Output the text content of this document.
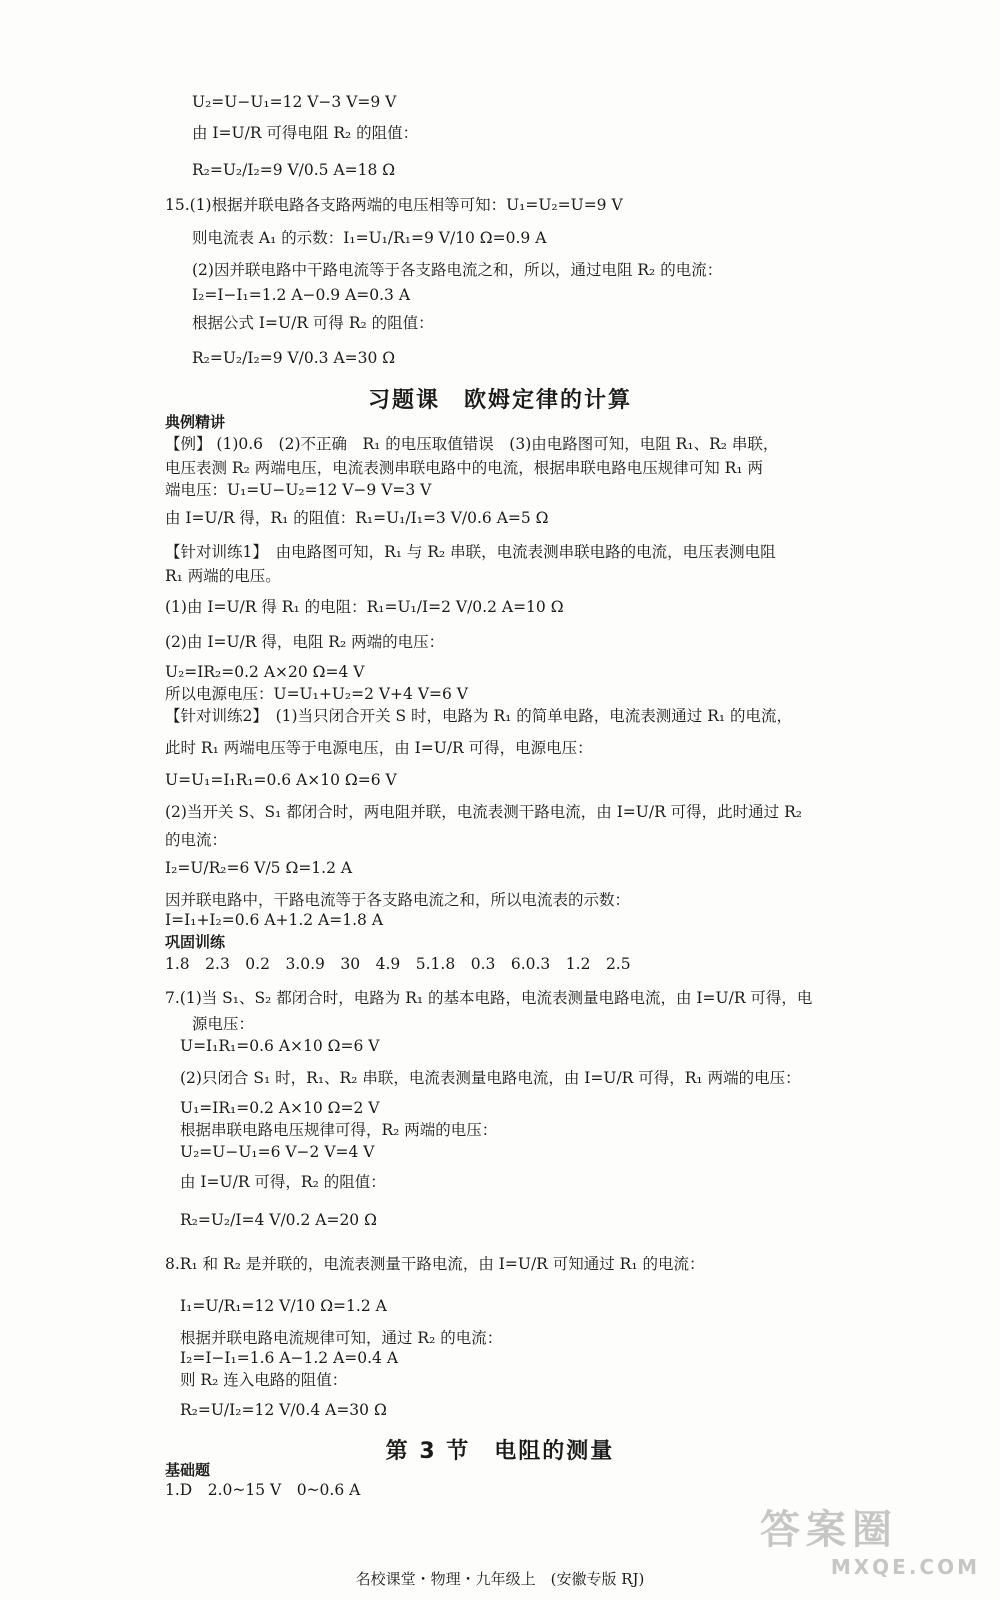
U₂=U−U₁=12 V−3 V=9 V
由 I=U/R 可得电阻 R₂ 的阻值：
R₂=U₂/I₂=9 V/0.5 A=18 Ω
15.(1)根据并联电路各支路两端的电压相等可知：U₁=U₂=U=9 V
则电流表 A₁ 的示数：I₁=U₁/R₁=9 V/10 Ω=0.9 A
(2)因并联电路中干路电流等于各支路电流之和，所以，通过电阻 R₂ 的电流：
I₂=I−I₁=1.2 A−0.9 A=0.3 A
根据公式 I=U/R 可得 R₂ 的阻值：
R₂=U₂/I₂=9 V/0.3 A=30 Ω
习题课　欧姆定律的计算
典例精讲
【例】 (1)0.6　(2)不正确　R₁ 的电压取值错误　(3)由电路图可知，电阻 R₁、R₂ 串联，
电压表测 R₂ 两端电压，电流表测串联电路中的电流，根据串联电路电压规律可知 R₁ 两
端电压：U₁=U−U₂=12 V−9 V=3 V
由 I=U/R 得，R₁ 的阻值：R₁=U₁/I₁=3 V/0.6 A=5 Ω
【针对训练1】　由电路图可知，R₁ 与 R₂ 串联，电流表测串联电路的电流，电压表测电阻
R₁ 两端的电压。
(1)由 I=U/R 得 R₁ 的电阻：R₁=U₁/I=2 V/0.2 A=10 Ω
(2)由 I=U/R 得，电阻 R₂ 两端的电压：
U₂=IR₂=0.2 A×20 Ω=4 V
所以电源电压：U=U₁+U₂=2 V+4 V=6 V
【针对训练2】　(1)当只闭合开关 S 时，电路为 R₁ 的简单电路，电流表测通过 R₁ 的电流，
此时 R₁ 两端电压等于电源电压，由 I=U/R 可得，电源电压：
U=U₁=I₁R₁=0.6 A×10 Ω=6 V
(2)当开关 S、S₁ 都闭合时，两电阻并联，电流表测干路电流，由 I=U/R 可得，此时通过 R₂
的电流：
I₂=U/R₂=6 V/5 Ω=1.2 A
因并联电路中，干路电流等于各支路电流之和，所以电流表的示数：
I=I₁+I₂=0.6 A+1.2 A=1.8 A
巩固训练
1.8　2.3　0.2　3.0.9　30　4.9　5.1.8　0.3　6.0.3　1.2　2.5
7.(1)当 S₁、S₂ 都闭合时，电路为 R₁ 的基本电路，电流表测量电路电流，由 I=U/R 可得，电
源电压：
U=I₁R₁=0.6 A×10 Ω=6 V
(2)只闭合 S₁ 时，R₁、R₂ 串联，电流表测量电路电流，由 I=U/R 可得，R₁ 两端的电压：
U₁=IR₁=0.2 A×10 Ω=2 V
根据串联电路电压规律可得，R₂ 两端的电压：
U₂=U−U₁=6 V−2 V=4 V
由 I=U/R 可得，R₂ 的阻值：
R₂=U₂/I=4 V/0.2 A=20 Ω
8.R₁ 和 R₂ 是并联的，电流表测量干路电流，由 I=U/R 可知通过 R₁ 的电流：
I₁=U/R₁=12 V/10 Ω=1.2 A
根据并联电路电流规律可知，通过 R₂ 的电流：
I₂=I−I₁=1.6 A−1.2 A=0.4 A
则 R₂ 连入电路的阻值：
R₂=U/I₂=12 V/0.4 A=30 Ω
第 3 节　电阻的测量
基础题
1.D　2.0~15 V　0~0.6 A
名校课堂・物理・九年级上　(安徽专版 RJ)
答案圈
MXQE.COM
